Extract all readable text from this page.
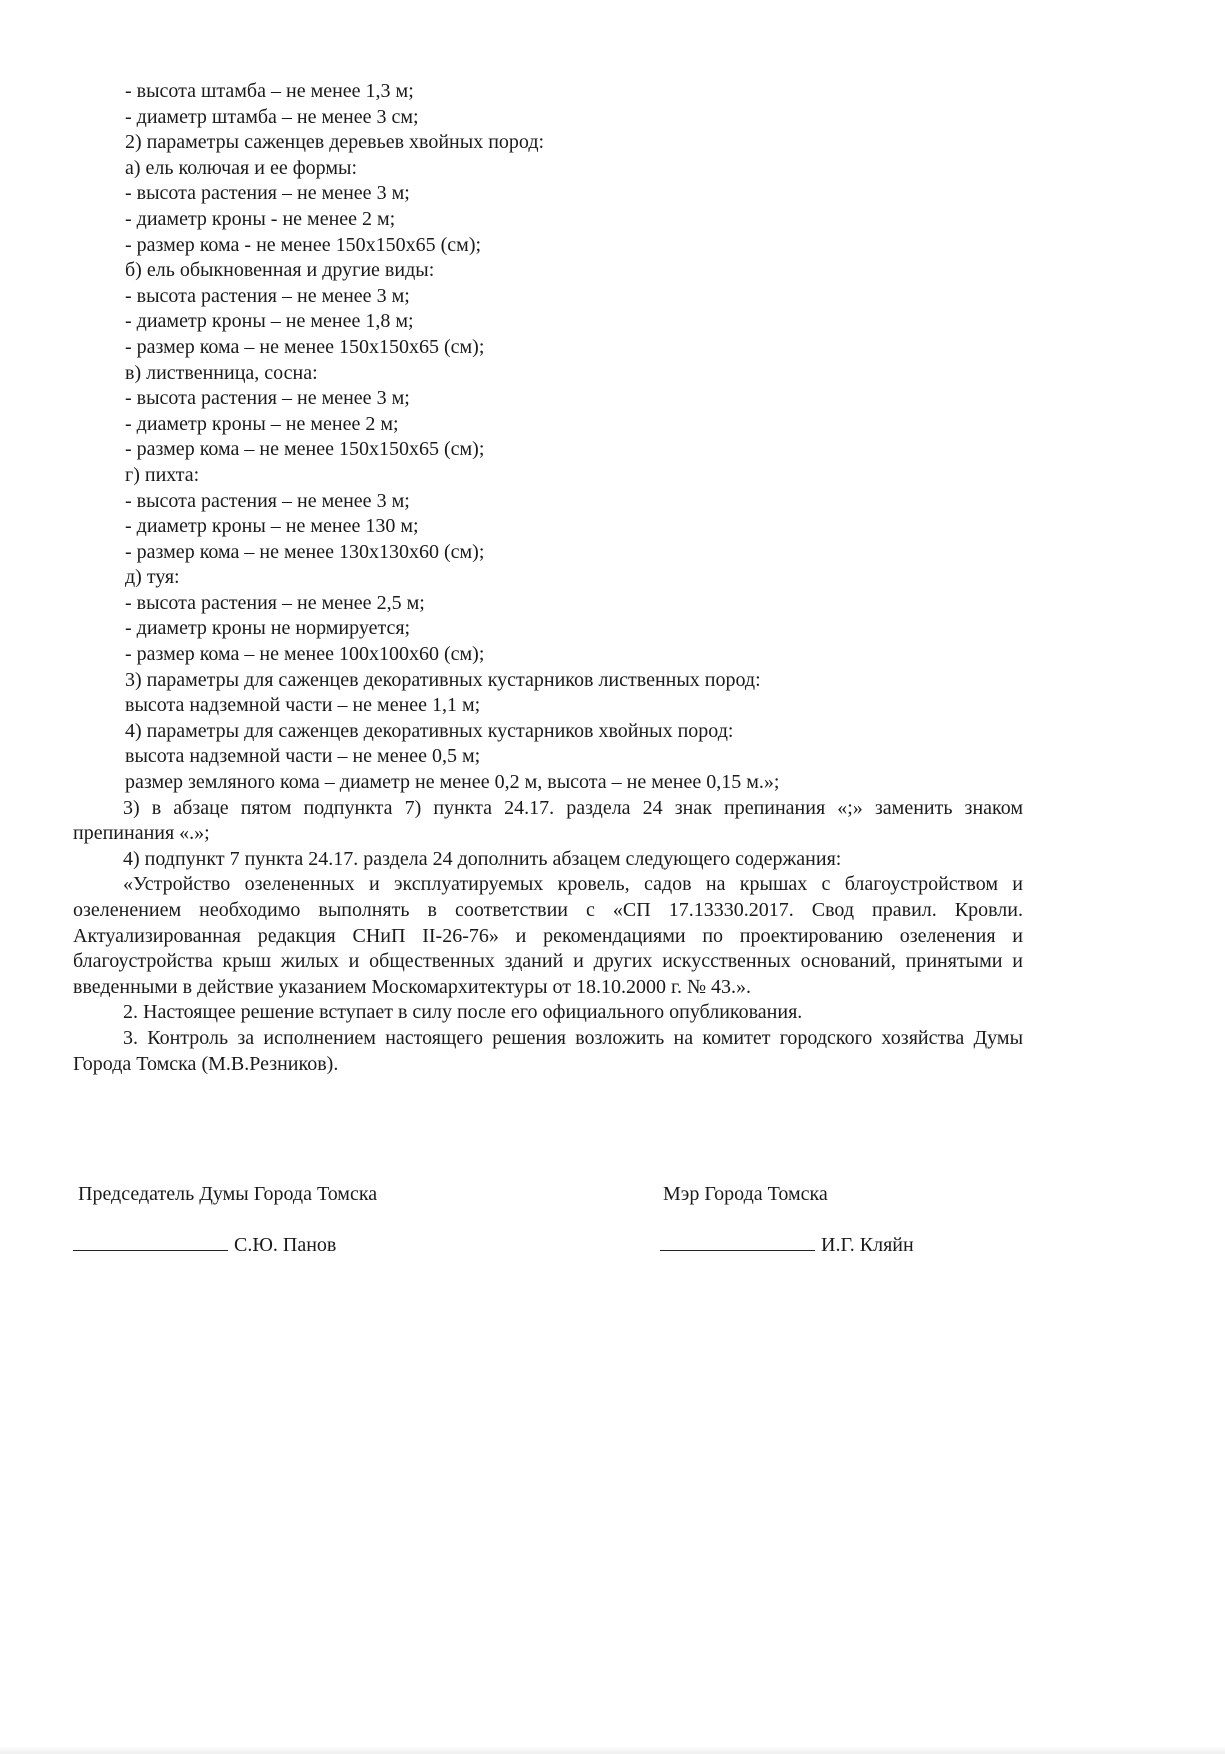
- высота штамба – не менее 1,3 м;
- диаметр штамба – не менее 3 см;
2) параметры саженцев деревьев хвойных пород:
а) ель колючая и ее формы:
- высота растения – не менее 3 м;
- диаметр кроны - не менее 2 м;
- размер кома - не менее 150х150х65 (см);
б) ель обыкновенная и другие виды:
- высота растения – не менее 3 м;
- диаметр кроны – не менее 1,8 м;
- размер кома – не менее 150х150х65 (см);
в) лиственница, сосна:
- высота растения – не менее 3 м;
- диаметр кроны – не менее 2 м;
- размер кома – не менее 150х150х65 (см);
г) пихта:
- высота растения – не менее 3 м;
- диаметр кроны – не менее 130 м;
- размер кома – не менее 130х130х60 (см);
д) туя:
- высота растения – не менее 2,5 м;
- диаметр кроны не нормируется;
- размер кома – не менее 100х100х60 (см);
3) параметры для саженцев декоративных кустарников лиственных пород:
высота надземной части – не менее 1,1 м;
4) параметры для саженцев декоративных кустарников хвойных пород:
высота надземной части – не менее 0,5 м;
размер земляного кома – диаметр не менее 0,2 м, высота – не менее 0,15 м.»;
3) в абзаце пятом подпункта 7) пункта 24.17. раздела 24 знак препинания «;» заменить знаком препинания «.»;
4) подпункт 7 пункта 24.17. раздела 24 дополнить абзацем следующего содержания:
«Устройство озелененных и эксплуатируемых кровель, садов на крышах с благоустройством и озеленением необходимо выполнять в соответствии с «СП 17.13330.2017. Свод правил. Кровли. Актуализированная редакция СНиП II-26-76» и рекомендациями по проектированию озеленения и благоустройства крыш жилых и общественных зданий и других искусственных оснований, принятыми и введенными в действие указанием Москомархитектуры от 18.10.2000 г. № 43.».
2. Настоящее решение вступает в силу после его официального опубликования.
3. Контроль за исполнением настоящего решения возложить на комитет городского хозяйства Думы Города Томска (М.В.Резников).
Председатель Думы Города Томска
С.Ю. Панов
Мэр Города Томска
И.Г. Кляйн
